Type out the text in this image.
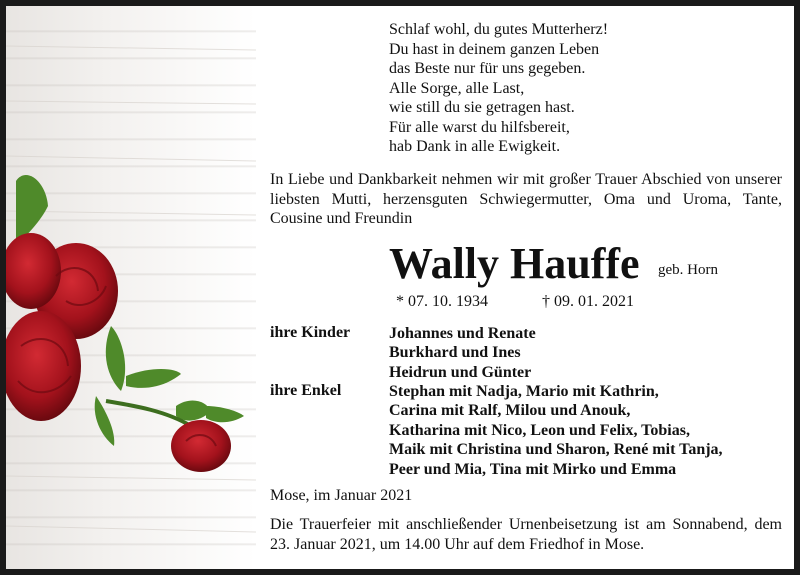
Schlaf wohl, du gutes Mutterherz!
Du hast in deinem ganzen Leben
das Beste nur für uns gegeben.
Alle Sorge, alle Last,
wie still du sie getragen hast.
Für alle warst du hilfsbereit,
hab Dank in alle Ewigkeit.
In Liebe und Dankbarkeit nehmen wir mit großer Trauer Abschied von unserer liebsten Mutti, herzensguten Schwiegermutter, Oma und Uroma, Tante, Cousine und Freundin
Wally Hauffe geb. Horn
* 07. 10. 1934	† 09. 01. 2021
ihre Kinder Johannes und Renate
Burkhard und Ines
Heidrun und Günter
ihre Enkel	Stephan mit Nadja, Mario mit Kathrin,
Carina mit Ralf, Milou und Anouk,
Katharina mit Nico, Leon und Felix, Tobias,
Maik mit Christina und Sharon, René mit Tanja,
Peer und Mia, Tina mit Mirko und Emma
Mose, im Januar 2021
Die Trauerfeier mit anschließender Urnenbeisetzung ist am Sonnabend, dem 23. Januar 2021, um 14.00 Uhr auf dem Friedhof in Mose.
